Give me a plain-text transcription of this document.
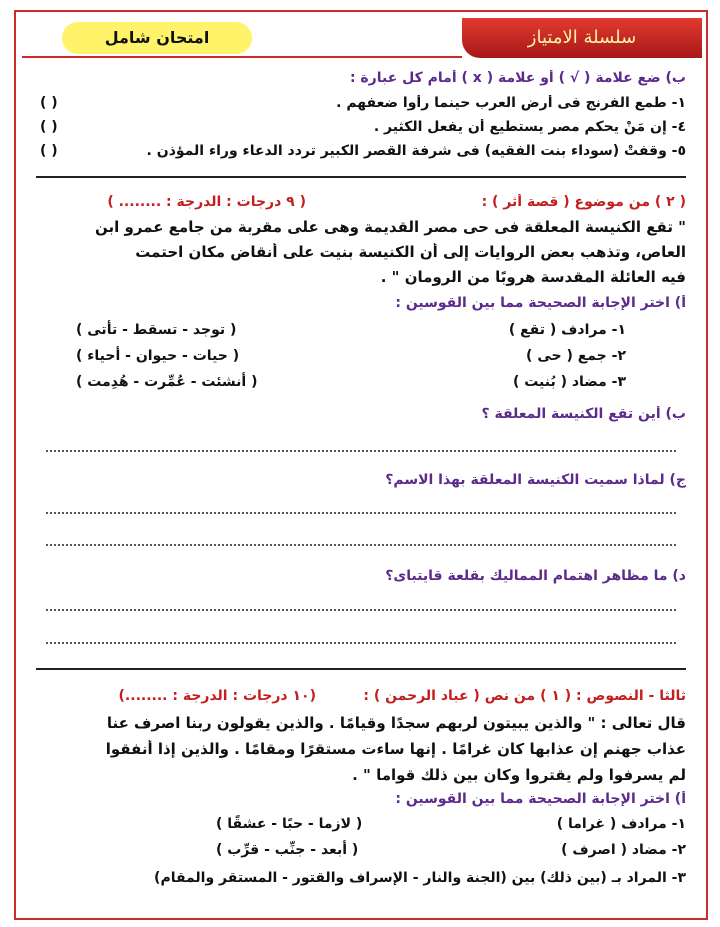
سلسلة الامتياز
امتحان شامل
ب) ضع علامة ( √ ) أو علامة ( x ) أمام كل عبارة :
١- طمع الفرنج فى أرض العرب حينما رأوا ضعفهم .
( )
٤- إن مَنْ يحكم مصر يستطيع أن يفعل الكثير .
( )
٥- وقفتْ (سوداء بنت الفقيه) فى شرفة القصر الكبير تردد الدعاء وراء المؤذن .
( )
( ٢ ) من موضوع ( قصة أثر ) :
( ٩ درجات : الدرجة : ........ )
" تقع الكنيسة المعلقة فى حى مصر القديمة وهى على مقربة من جامع عمرو ابن
العاص، وتذهب بعض الروايات إلى أن الكنيسة بنيت على أنقاض مكان احتمت
فيه العائلة المقدسة هروبًا من الرومان " .
أ) اختر الإجابة الصحيحة مما بين القوسين :
١- مرادف ( تقع )
( توجد - تسقط - تأتى )
٢- جمع ( حى )
( حيات - حيوان - أحياء )
٣- مضاد ( بُنيت )
( أنشئت - عُمِّرت - هُدِمت )
ب) أين تقع الكنيسة المعلقة ؟
ج) لماذا سميت الكنيسة المعلقة بهذا الاسم؟
د) ما مظاهر اهتمام المماليك بقلعة قايتباى؟
ثالثا - النصوص : ( ١ ) من نص ( عباد الرحمن ) :
(١٠ درجات : الدرجة : ........)
قال تعالى : " والذين يبيتون لربهم سجدًا وقيامًا . والذين يقولون ربنا اصرف عنا
عذاب جهنم إن عذابها كان غرامًا . إنها ساءت مستقرًا ومقامًا . والذين إذا أنفقوا
لم يسرفوا ولم يقتروا وكان بين ذلك قواما " .
أ) اختر الإجابة الصحيحة مما بين القوسين :
١- مرادف ( غراما )
( لازما - حبًا - عشقًا )
٢- مضاد ( اصرف )
( أبعد - جنِّب - قرِّب )
٣- المراد بـ (بين ذلك) بين (الجنة والنار - الإسراف والقتور - المستقر والمقام)
